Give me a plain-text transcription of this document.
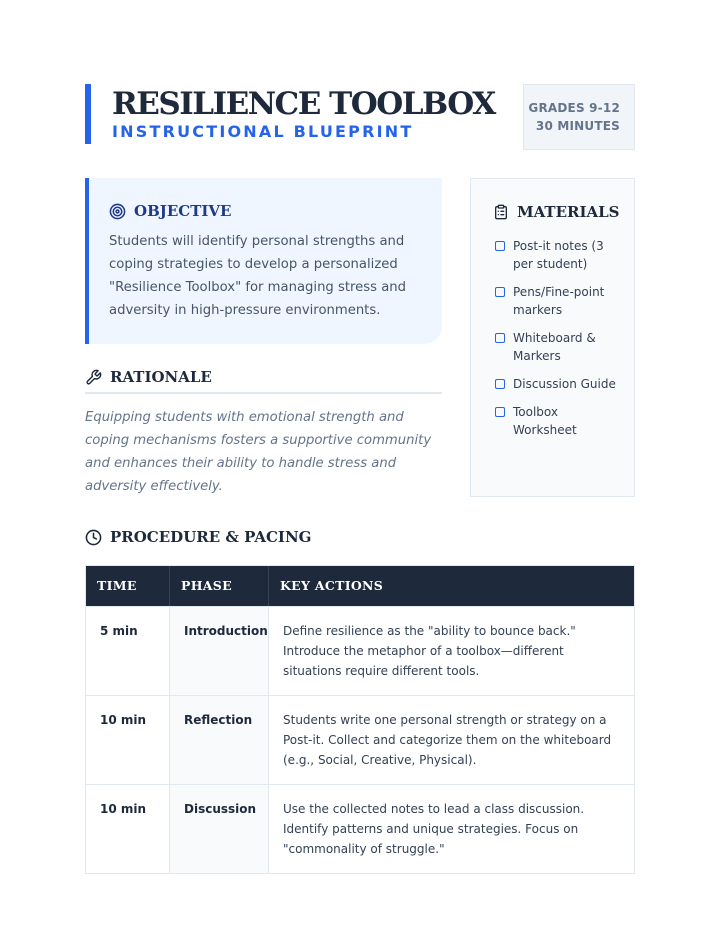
RESILIENCE TOOLBOX
INSTRUCTIONAL BLUEPRINT
GRADES 9-12
30 MINUTES
OBJECTIVE

Students will identify personal strengths and coping strategies to develop a personalized "Resilience Toolbox" for managing stress and adversity in high-pressure environments.

RATIONALE

Equipping students with emotional strength and coping mechanisms fosters a supportive community and enhances their ability to handle stress and adversity effectively.

MATERIALS
Post-it notes (3 per student)
Pens/Fine-point markers
Whiteboard & Markers
Discussion Guide
Toolbox Worksheet
PROCEDURE & PACING
TIME	PHASE	KEY ACTIONS
5 min	Introduction	Define resilience as the "ability to bounce back." Introduce the metaphor of a toolbox—different situations require different tools.
10 min	Reflection	Students write one personal strength or strategy on a Post-it. Collect and categorize them on the whiteboard (e.g., Social, Creative, Physical).
10 min	Discussion	Use the collected notes to lead a class discussion. Identify patterns and unique strategies. Focus on "commonality of struggle."
